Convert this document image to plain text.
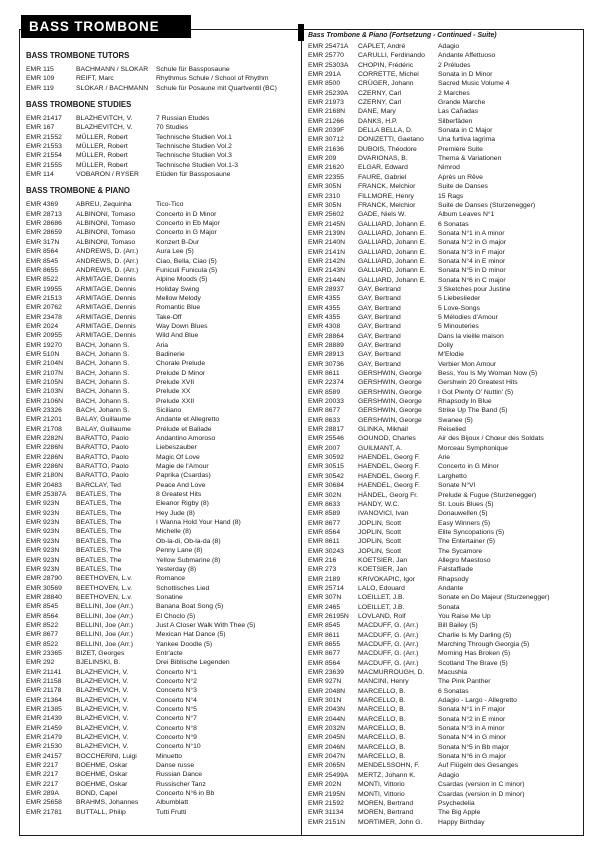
BASS TROMBONE
BASS TROMBONE TUTORS
EMR 115	BACHMANN / SLOKAR	Schule für Bassposaune
EMR 109	REIFT, Marc	Rhythmus Schule / School of Rhythm
EMR 119	SLOKAR / BACHMANN	Schule für Posaune mit Quartventil (BC)
BASS TROMBONE STUDIES
EMR 21417	BLAZHEVITCH, V.	7 Russian Etudes
EMR 167	BLAZHEVITCH, V.	70 Studies
EMR 21552	MÜLLER, Robert	Technische Studien Vol.1
EMR 21553	MÜLLER, Robert	Technische Studien Vol.2
EMR 21554	MÜLLER, Robert	Technische Studien Vol.3
EMR 21555	MÜLLER, Robert	Technische Studien Vol.1-3
EMR 114	VOBARON / RYSER	Etüden für Bassposaune
BASS TROMBONE & PIANO
EMR 4369	ABREU, Zequinha	Tico-Tico
EMR 28713	ALBINONI, Tomaso	Concerto in D Minor
EMR 28686	ALBINONI, Tomaso	Concerto in Eb Major
EMR 28659	ALBINONI, Tomaso	Concerto in G Major
EMR 317N	ALBINONI, Tomaso	Konzert B-Dur
EMR 8564	ANDREWS, D. (Arr.)	Aura Lee (5)
EMR 8545	ANDREWS, D. (Arr.)	Ciao, Bella, Ciao (5)
EMR 8655	ANDREWS, D. (Arr.)	Funiculi Funicula (5)
EMR 8522	ARMITAGE, Dennis	Alpine Moods (5)
EMR 19955	ARMITAGE, Dennis	Holiday Swing
EMR 21513	ARMITAGE, Dennis	Mellow Melody
EMR 20762	ARMITAGE, Dennis	Romantic Blue
EMR 23478	ARMITAGE, Dennis	Take-Off
EMR 2024	ARMITAGE, Dennis	Way Down Blues
EMR 20955	ARMITAGE, Dennis	Wild And Blue
EMR 19270	BACH, Johann S.	Aria
EMR 510N	BACH, Johann S.	Badinerie
EMR 2104N	BACH, Johann S.	Chorale Prelude
EMR 2107N	BACH, Johann S.	Prelude D Minor
EMR 2105N	BACH, Johann S.	Prelude XVII
EMR 2103N	BACH, Johann S.	Prelude XX
EMR 2106N	BACH, Johann S.	Prelude XXII
EMR 23326	BACH, Johann S.	Siciliano
EMR 21201	BALAY, Guillaume	Andante et Allegretto
EMR 21708	BALAY, Guillaume	Prélude et Ballade
EMR 2282N	BARATTO, Paolo	Andantino Amoroso
EMR 2286N	BARATTO, Paolo	Liebeszauber
EMR 2286N	BARATTO, Paolo	Magic Of Love
EMR 2286N	BARATTO, Paolo	Magie de l'Amour
EMR 2180N	BARATTO, Paolo	Paprika (Csardas)
EMR 20483	BARCLAY, Ted	Peace And Love
EMR 25387A	BEATLES, The	8 Greatest Hits
EMR 923N	BEATLES, The	Eleanor Rigby (8)
EMR 923N	BEATLES, The	Hey Jude (8)
EMR 923N	BEATLES, The	I Wanna Hold Your Hand (8)
EMR 923N	BEATLES, The	Michelle (8)
EMR 923N	BEATLES, The	Ob-la-di, Ob-la-da (8)
EMR 923N	BEATLES, The	Penny Lane (8)
EMR 923N	BEATLES, The	Yellow Submarine (8)
EMR 923N	BEATLES, The	Yesterday (8)
EMR 28790	BEETHOVEN, L.v.	Romance
EMR 30569	BEETHOVEN, L.v.	Schottisches Lied
EMR 28840	BEETHOVEN, L.v.	Sonatine
EMR 8545	BELLINI, Joe (Arr.)	Banana Boat Song (5)
EMR 8564	BELLINI, Joe (Arr.)	El Choclo (5)
EMR 8522	BELLINI, Joe (Arr.)	Just A Closer Walk With Thee (5)
EMR 8677	BELLINI, Joe (Arr.)	Mexican Hat Dance (5)
EMR 8522	BELLINI, Joe (Arr.)	Yankee Doodle (5)
EMR 23365	BIZET, Georges	Entr'acte
EMR 292	BJELINSKI, B.	Drei Biblische Legenden
EMR 21141	BLAZHEVICH, V.	Concerto N°1
EMR 21158	BLAZHEVICH, V.	Concerto N°2
EMR 21178	BLAZHEVICH, V.	Concerto N°3
EMR 21364	BLAZHEVICH, V.	Concerto N°4
EMR 21385	BLAZHEVICH, V.	Concerto N°5
EMR 21439	BLAZHEVICH, V.	Concerto N°7
EMR 21459	BLAZHEVICH, V.	Concerto N°8
EMR 21479	BLAZHEVICH, V.	Concerto N°9
EMR 21530	BLAZHEVICH, V.	Concerto N°10
EMR 24157	BOCCHERINI, Luigi	Minuetto
EMR 2217	BOEHME, Oskar	Danse russe
EMR 2217	BOEHME, Oskar	Russian Dance
EMR 2217	BOEHME, Oskar	Russischer Tanz
EMR 289A	BOND, Capel	Concerto N°6 in Bb
EMR 25658	BRAHMS, Johannes	Albumblatt
EMR 21781	BUTTALL, Philip	Tutti Frutti
Bass Trombone & Piano (Fortsetzung - Continued - Suite)
EMR 25471A	CAPLET, André	Adagio
EMR 25770	CARULLI, Ferdinando	Andante Affettuoso
EMR 25303A	CHOPIN, Frédéric	2 Préludes
EMR 291A	CORRETTE, Michel	Sonata in D Minor
EMR 8500	CRÜGER, Johann	Sacred Music Volume 4
EMR 25239A	CZERNY, Carl	2 Marches
EMR 21973	CZERNY, Carl	Grande Marche
EMR 2168N	DANE, Mary	Las Cañadas
EMR 21266	DANKS, H.P.	Silberfäden
EMR 2039F	DELLA BELLA, D.	Sonata in C Major
EMR 30712	DONIZETTI, Gaetano	Una furtiva lagrima
EMR 21636	DUBOIS, Théodore	Première Suite
EMR 209	DVARIONAS, B.	Thema & Variationen
EMR 21620	ELGAR, Edward	Nimrod
EMR 22355	FAURE, Gabriel	Après un Rêve
EMR 305N	FRANCK, Melchior	Suite de Danses
EMR 2310	FILLMORE, Henry	15 Rags
EMR 305N	FRANCK, Melchior	Suite de Danses (Sturzenegger)
EMR 25602	GADE, Niels W.	Album Leaves N°1
EMR 2145N	GALLIARD, Johann E.	6 Sonatas
EMR 2139N	GALLIARD, Johann E.	Sonata N°1 in A minor
EMR 2140N	GALLIARD, Johann E.	Sonata N°2 in G major
EMR 2141N	GALLIARD, Johann E.	Sonata N°3 in F major
EMR 2142N	GALLIARD, Johann E.	Sonata N°4 in E minor
EMR 2143N	GALLIARD, Johann E.	Sonata N°5 in D minor
EMR 2144N	GALLIARD, Johann E.	Sonata N°6 in C major
EMR 28937	GAY, Bertrand	3 Sketches pour Justine
EMR 4355	GAY, Bertrand	5 Liebeslieder
EMR 4355	GAY, Bertrand	5 Love-Songs
EMR 4355	GAY, Bertrand	5 Mélodies d'Amour
EMR 4308	GAY, Bertrand	5 Minouteries
EMR 28864	GAY, Bertrand	Dans la vieille maison
EMR 28889	GAY, Bertrand	Dolly
EMR 28913	GAY, Bertrand	M'Elodie
EMR 30736	GAY, Bertrand	Verbier Mon Amour
EMR 8611	GERSHWIN, George	Bess, You Is My Woman Now (5)
EMR 22374	GERSHWIN, George	Gershwin 20 Greatest Hits
EMR 8589	GERSHWIN, George	I Got Plenty O' Nuttin' (5)
EMR 20033	GERSHWIN, George	Rhapsody In Blue
EMR 8677	GERSHWIN, George	Strike Up The Band (5)
EMR 8633	GERSHWIN, George	Swanee (5)
EMR 28817	GLINKA, Mikhail	Reiselied
EMR 25546	GOUNOD, Charles	Air des Bijoux / Chœur des Soldats
EMR 2007	GUILMANT, A.	Morceau Symphonique
EMR 30592	HAENDEL, Georg F.	Arie
EMR 30515	HAENDEL, Georg F.	Concerto in G Minor
EMR 30542	HAENDEL, Georg F.	Larghetto
EMR 30684	HAENDEL, Georg F.	Sonate N°VI
EMR 302N	HÄNDEL, Georg Fr.	Prelude & Fugue (Sturzenegger)
EMR 8633	HANDY, W.C.	St. Louis Blues (5)
EMR 8589	IVANOVICI, Ivan	Donauwellen (5)
EMR 8677	JOPLIN, Scott	Easy Winners (5)
EMR 8564	JOPLIN, Scott	Elite Syncopations (5)
EMR 8611	JOPLIN, Scott	The Entertainer (5)
EMR 30243	JOPLIN, Scott	The Sycamore
EMR 216	KOETSIER, Jan	Allegro Maestoso
EMR 273	KOETSIER, Jan	Falstaffiade
EMR 2189	KRIVOKAPIC, Igor	Rhapsody
EMR 25714	LALO, Edouard	Andante
EMR 307N	LOEILLET, J.B.	Sonate en Do Majeur (Sturzenegger)
EMR 2465	LOEILLET, J.B.	Sonata
EMR 26195N	LOVLAND, Rolf	You Raise Me Up
EMR 8545	MACDUFF, G. (Arr.)	Bill Bailey (5)
EMR 8611	MACDUFF, G. (Arr.)	Charlie Is My Darling (5)
EMR 8655	MACDUFF, G. (Arr.)	Marching Through Georgia (5)
EMR 8677	MACDUFF, G. (Arr.)	Morning Has Broken (5)
EMR 8564	MACDUFF, G. (Arr.)	Scotland The Brave (5)
EMR 23639	MACMURROUGH, D.	Macushla
EMR 927N	MANCINI, Henry	The Pink Panther
EMR 2048N	MARCELLO, B.	6 Sonatas
EMR 301N	MARCELLO, B.	Adagio - Largo - Allegretto
EMR 2043N	MARCELLO, B.	Sonata N°1 in F major
EMR 2044N	MARCELLO, B.	Sonata N°2 in E minor
EMR 2032N	MARCELLO, B.	Sonata N°3 in A minor
EMR 2045N	MARCELLO, B.	Sonata N°4 in G minor
EMR 2046N	MARCELLO, B.	Sonata N°5 in Bb major
EMR 2047N	MARCELLO, B.	Sonata N°6 in G major
EMR 2065N	MENDELSSOHN, F.	Auf Flügeln des Gesanges
EMR 25499A	MERTZ, Johann K.	Adagio
EMR 202N	MONTI, Vittorio	Csardas (version in C minor)
EMR 2195N	MONTI, Vittorio	Csardas (version in D minor)
EMR 21592	MOREN, Bertrand	Psychedelia
EMR 31134	MOREN, Bertrand	The Big Apple
EMR 2151N	MORTIMER, John G.	Happy Birthday
